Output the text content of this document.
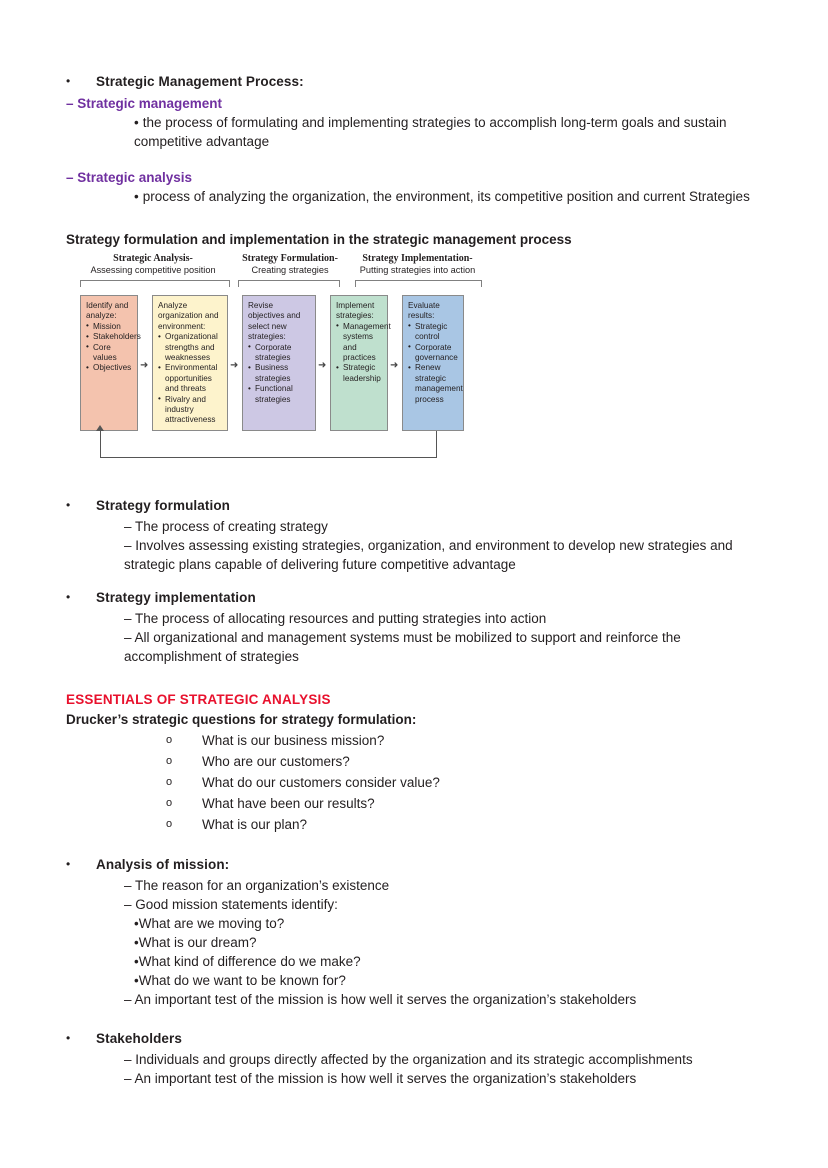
•	Strategic Management Process:
– Strategic management
• the process of formulating and implementing strategies to accomplish long-term goals and sustain competitive advantage
– Strategic analysis
• process of analyzing the organization, the environment, its competitive position and current Strategies
Strategy formulation and implementation in the strategic management process
Strategic Analysis-
Assessing competitive position
Strategy Formulation-
Creating strategies
Strategy Implementation-
Putting strategies into action
Identify and analyze:
• Mission
• Stakeholders
• Core values
• Objectives ➜
Analyze organization and environment:
• Organizational strengths and weaknesses
• Environmental opportunities and threats
• Rivalry and industry attractiveness
➜
Revise objectives and select new strategies:
• Corporate strategies
• Business strategies
• Functional strategies
➜
Implement strategies:
• Management systems and practices
• Strategic leadership
➜
Evaluate results:
• Strategic control
• Corporate governance
• Renew strategic management process
•	Strategy formulation
– The process of creating strategy
– Involves assessing existing strategies, organization, and environment to develop new strategies and strategic plans capable of delivering future competitive advantage
•	Strategy implementation
– The process of allocating resources and putting strategies into action
– All organizational and management systems must be mobilized to support and reinforce the accomplishment of strategies
ESSENTIALS OF STRATEGIC ANALYSIS
Drucker’s strategic questions for strategy formulation:
o	What is our business mission?
o	Who are our customers?
o	What do our customers consider value?
o	What have been our results?
o	What is our plan?
•	Analysis of mission:
– The reason for an organization’s existence
– Good mission statements identify:
•What are we moving to?
•What is our dream?
•What kind of difference do we make?
•What do we want to be known for?
– An important test of the mission is how well it serves the organization’s stakeholders
•	Stakeholders
– Individuals and groups directly affected by the organization and its strategic accomplishments
– An important test of the mission is how well it serves the organization’s stakeholders
